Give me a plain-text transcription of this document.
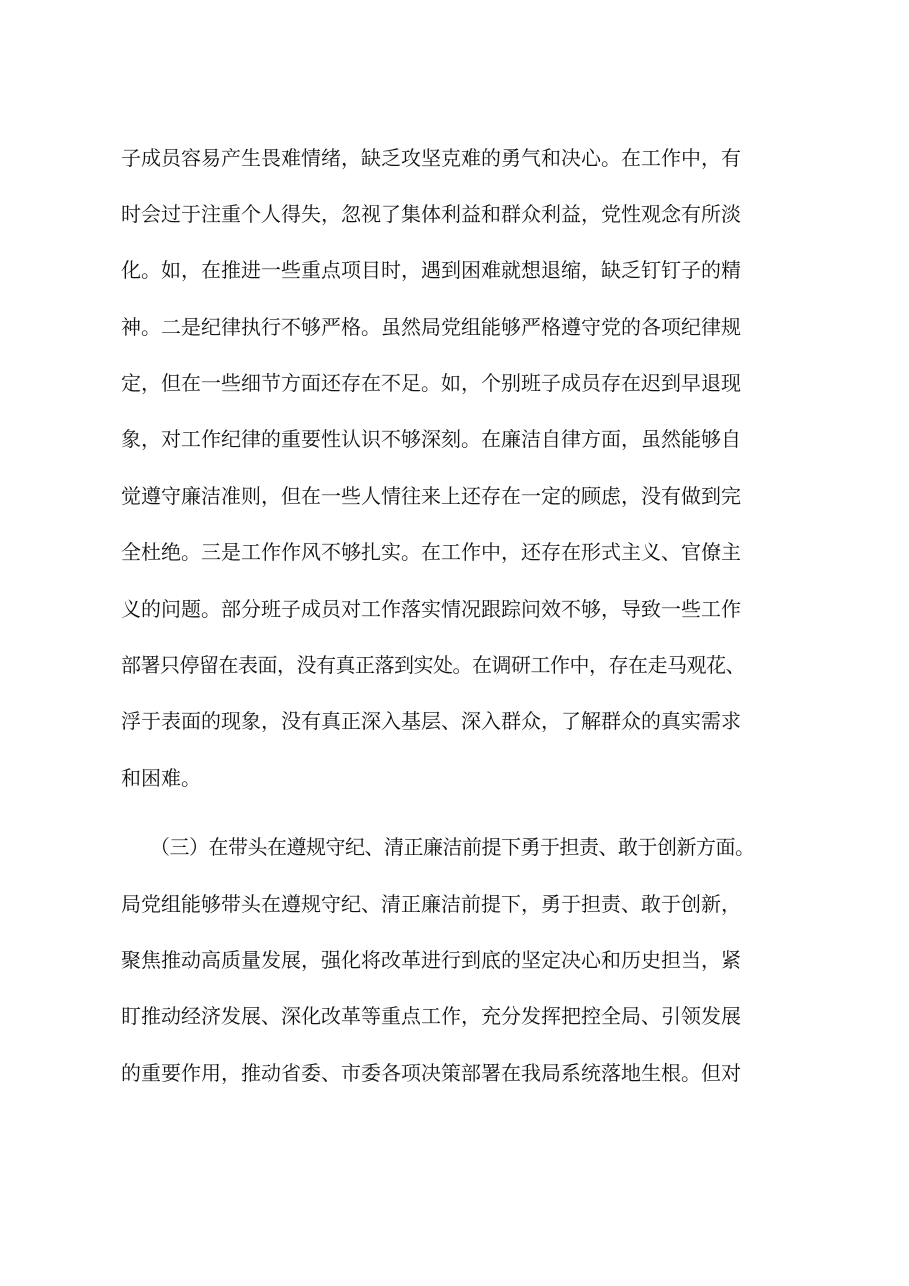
子成员容易产生畏难情绪，缺乏攻坚克难的勇气和决心。在工作中，有
时会过于注重个人得失，忽视了集体利益和群众利益，党性观念有所淡
化。如，在推进一些重点项目时，遇到困难就想退缩，缺乏钉钉子的精
神。二是纪律执行不够严格。虽然局党组能够严格遵守党的各项纪律规
定，但在一些细节方面还存在不足。如，个别班子成员存在迟到早退现
象，对工作纪律的重要性认识不够深刻。在廉洁自律方面，虽然能够自
觉遵守廉洁准则，但在一些人情往来上还存在一定的顾虑，没有做到完
全杜绝。三是工作作风不够扎实。在工作中，还存在形式主义、官僚主
义的问题。部分班子成员对工作落实情况跟踪问效不够，导致一些工作
部署只停留在表面，没有真正落到实处。在调研工作中，存在走马观花、
浮于表面的现象，没有真正深入基层、深入群众，了解群众的真实需求
和困难。
（三）在带头在遵规守纪、清正廉洁前提下勇于担责、敢于创新方面。
局党组能够带头在遵规守纪、清正廉洁前提下，勇于担责、敢于创新，
聚焦推动高质量发展，强化将改革进行到底的坚定决心和历史担当，紧
盯推动经济发展、深化改革等重点工作，充分发挥把控全局、引领发展
的重要作用，推动省委、市委各项决策部署在我局系统落地生根。但对
